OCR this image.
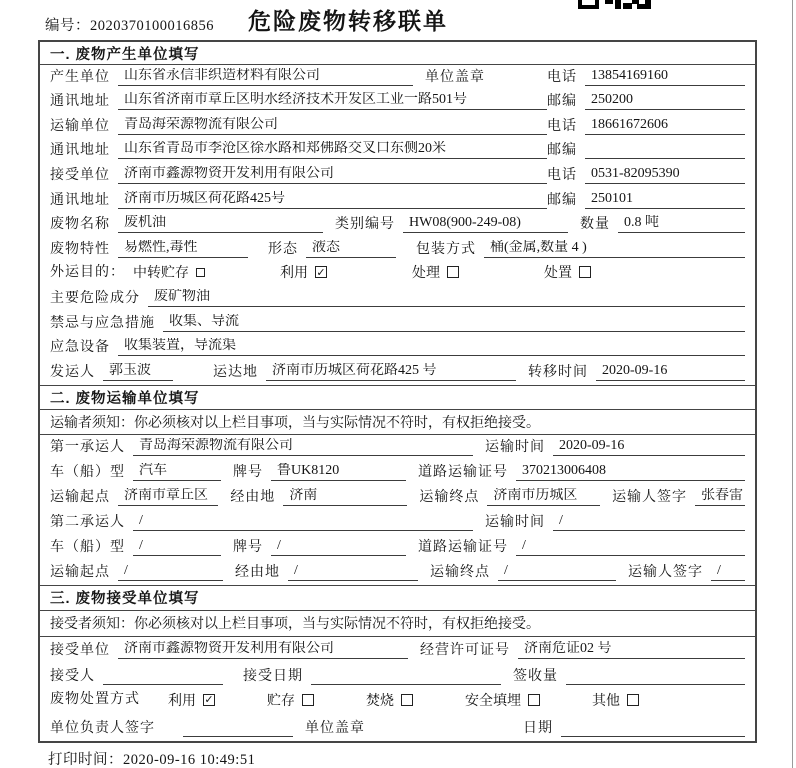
编号：2020370100016856	危险废物转移联单
一. 废物产生单位填写
产生单位	山东省永信非织造材料有限公司	单位盖章	电话	13854169160
通讯地址	山东省济南市章丘区明水经济技术开发区工业一路501号	邮编	250200
运输单位	青岛海荣源物流有限公司	电话	18661672606
通讯地址	山东省青岛市李沧区徐水路和郑佛路交叉口东侧20米	邮编
接受单位	济南市鑫源物资开发利用有限公司	电话	0531-82095390
通讯地址	济南市历城区荷花路425号	邮编	250101
废物名称	废机油	类别编号	HW08(900-249-08)	数量	0.8 吨
废物特性	易燃性,毒性	形态	液态	包装方式	桶(金属,数量 4 )
外运目的： 中转贮存	利用 ✓	处理	处置
主要危险成分	废矿物油
禁忌与应急措施	收集、导流
应急设备	收集装置，导流渠
发运人	郭玉波	运达地	济南市历城区荷花路425 号	转移时间	2020-09-16
二. 废物运输单位填写
运输者须知：你必须核对以上栏目事项，当与实际情况不符时，有权拒绝接受。
第一承运人	青岛海荣源物流有限公司	运输时间	2020-09-16
车（船）型	汽车	牌号	鲁UK8120	道路运输证号	370213006408
运输起点	济南市章丘区	经由地	济南	运输终点	济南市历城区	运输人签字	张春雷
第二承运人	/	运输时间	/
车（船）型	/	牌号	/	道路运输证号	/
运输起点	/	经由地	/	运输终点	/	运输人签字	/
三. 废物接受单位填写
接受者须知：你必须核对以上栏目事项，当与实际情况不符时，有权拒绝接受。
接受单位	济南市鑫源物资开发利用有限公司	经营许可证号	济南危证02 号
接受人	接受日期	签收量
废物处置方式 利用 ✓	贮存	焚烧	安全填埋	其他
单位负责人签字	单位盖章	日期
打印时间：2020-09-16 10:49:51
